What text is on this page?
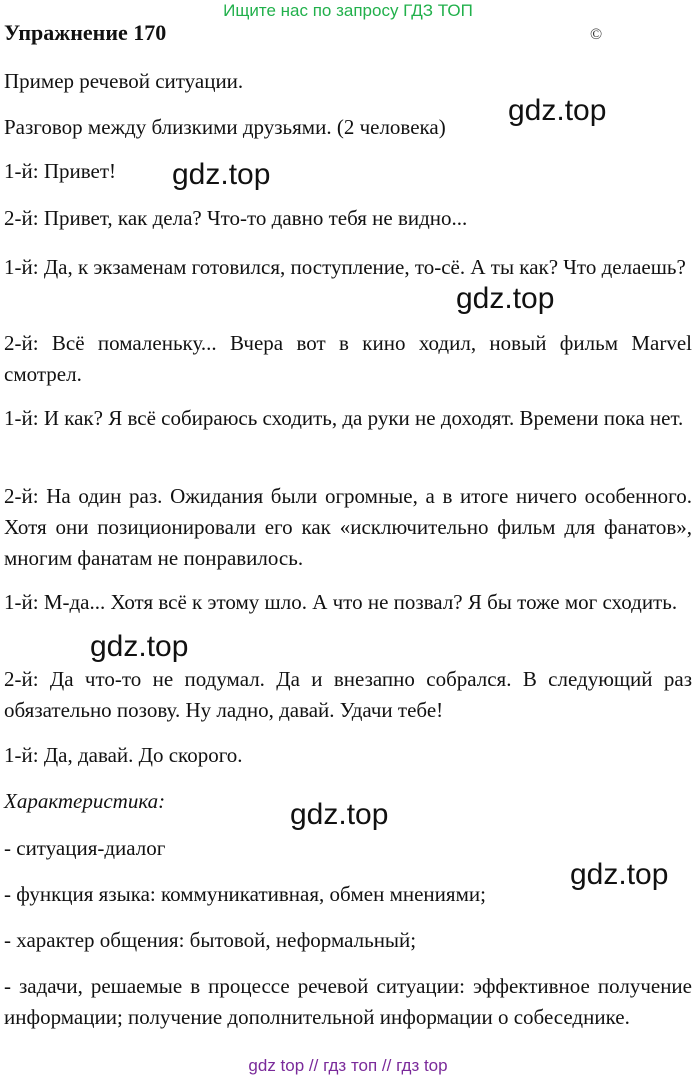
Ищите нас по запросу ГДЗ ТОП
Упражнение 170	©

Пример речевой ситуации.

Разговор между близкими друзьями. (2 человека)

1-й: Привет!

2-й: Привет, как дела? Что-то давно тебя не видно...

1-й: Да, к экзаменам готовился, поступление, то-сё. А ты как? Что делаешь?

2-й: Всё помаленьку... Вчера вот в кино ходил, новый фильм Marvel смотрел.

1-й: И как? Я всё собираюсь сходить, да руки не доходят. Времени пока нет.

2-й: На один раз. Ожидания были огромные, а в итоге ничего особенного. Хотя они позиционировали его как «исключительно фильм для фанатов», многим фанатам не понравилось.

1-й: М-да... Хотя всё к этому шло. А что не позвал? Я бы тоже мог сходить.

2-й: Да что-то не подумал. Да и внезапно собрался. В следующий раз обязательно позову. Ну ладно, давай. Удачи тебе!

1-й: Да, давай. До скорого.

Характеристика:

- ситуация-диалог

- функция языка: коммуникативная, обмен мнениями;

- характер общения: бытовой, неформальный;

- задачи, решаемые в процессе речевой ситуации: эффективное получение информации; получение дополнительной информации о собеседнике.

gdz.top
gdz.top
gdz.top
gdz.top
gdz.top
gdz.top
gdz top // гдз топ // гдз top
